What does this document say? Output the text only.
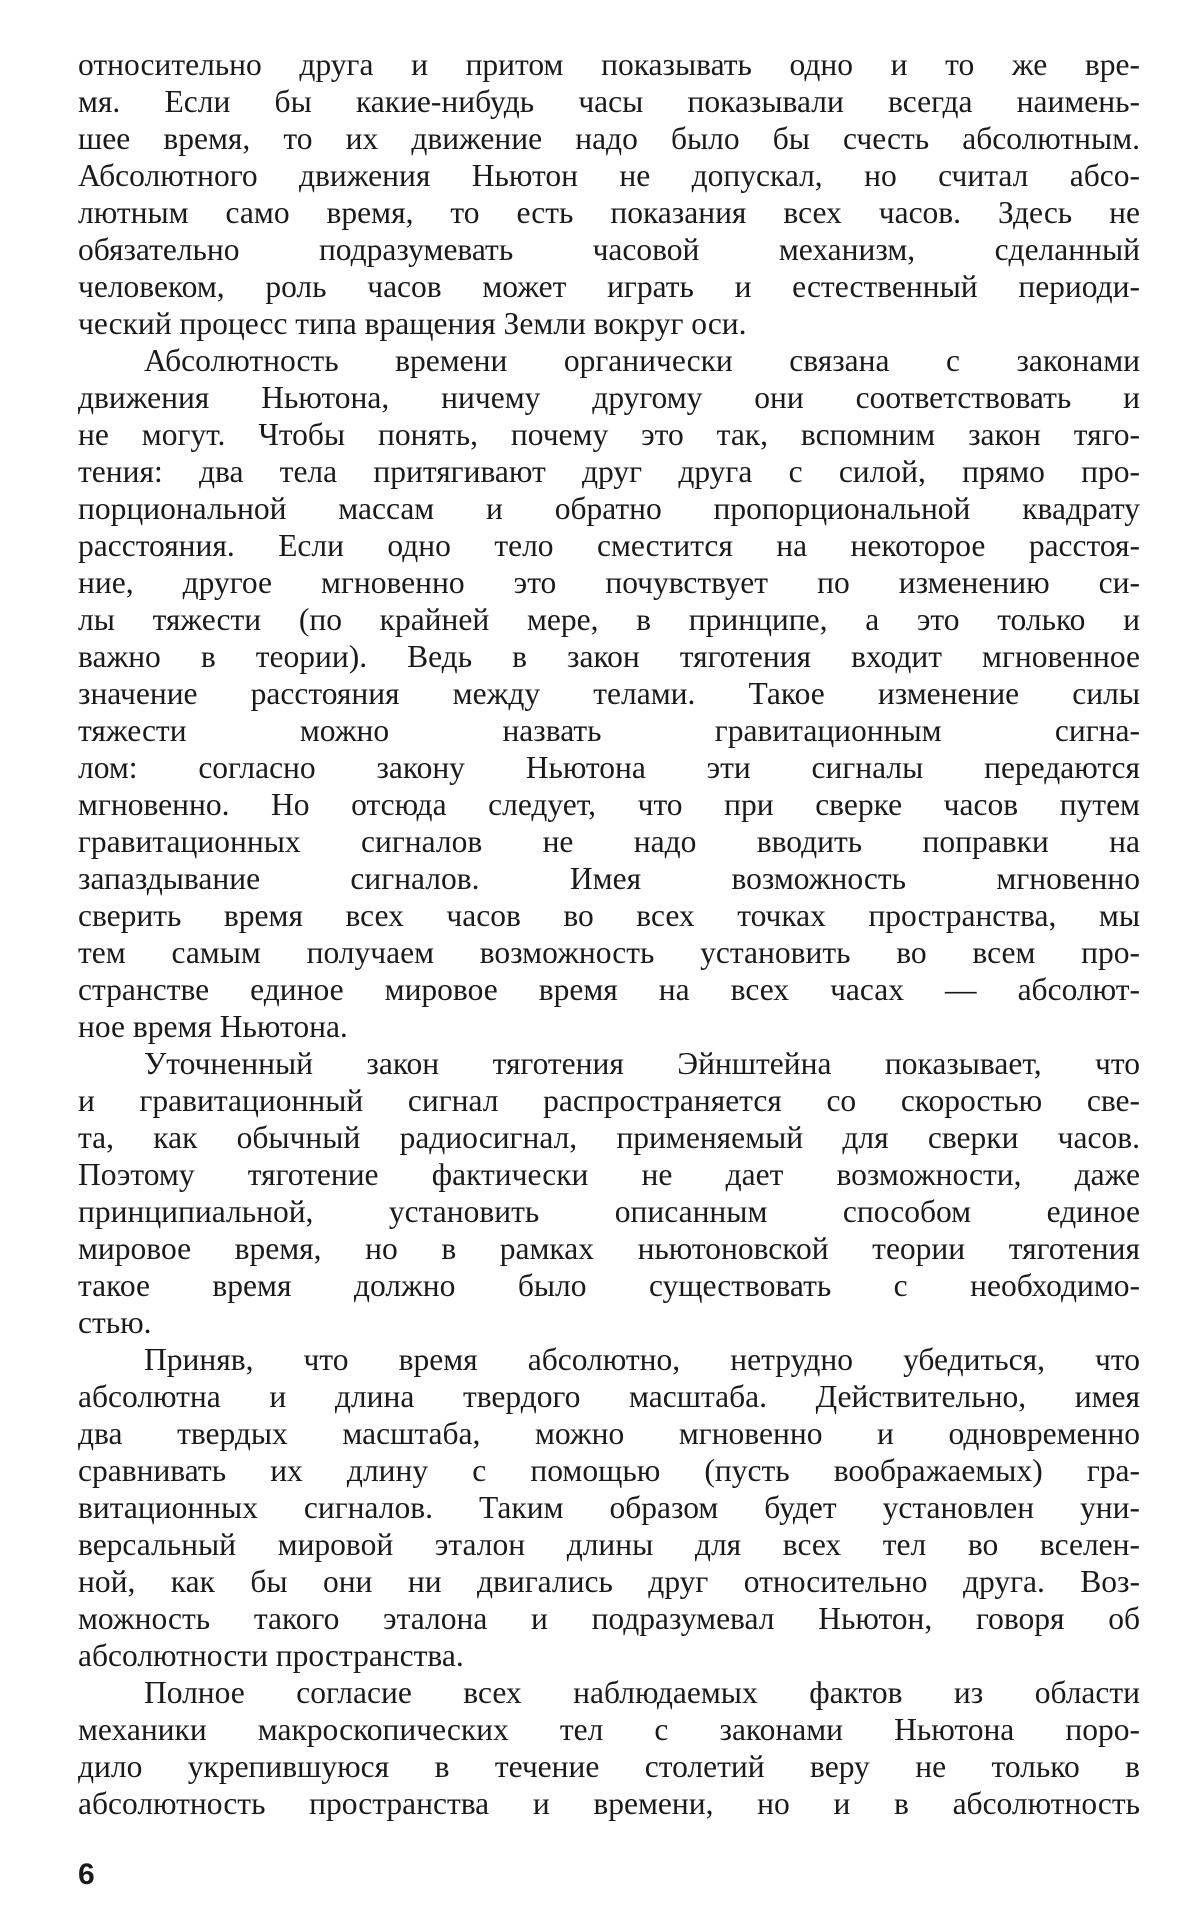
относительно друга и притом показывать одно и то же вре-
мя. Если бы какие-нибудь часы показывали всегда наимень-
шее время, то их движение надо было бы счесть абсолютным.
Абсолютного движения Ньютон не допускал, но считал абсо-
лютным само время, то есть показания всех часов. Здесь не
обязательно подразумевать часовой механизм, сделанный
человеком, роль часов может играть и естественный периоди-
ческий процесс типа вращения Земли вокруг оси.
Абсолютность времени органически связана с законами
движения Ньютона, ничему другому они соответствовать и
не могут. Чтобы понять, почему это так, вспомним закон тяго-
тения: два тела притягивают друг друга с силой, прямо про-
порциональной массам и обратно пропорциональной квадрату
расстояния. Если одно тело сместится на некоторое расстоя-
ние, другое мгновенно это почувствует по изменению си-
лы тяжести (по крайней мере, в принципе, а это только и
важно в теории). Ведь в закон тяготения входит мгновенное
значение расстояния между телами. Такое изменение силы
тяжести можно назвать гравитационным сигна-
лом: согласно закону Ньютона эти сигналы передаются
мгновенно. Но отсюда следует, что при сверке часов путем
гравитационных сигналов не надо вводить поправки на
запаздывание сигналов. Имея возможность мгновенно
сверить время всех часов во всех точках пространства, мы
тем самым получаем возможность установить во всем про-
странстве единое мировое время на всех часах — абсолют-
ное время Ньютона.
Уточненный закон тяготения Эйнштейна показывает, что
и гравитационный сигнал распространяется со скоростью све-
та, как обычный радиосигнал, применяемый для сверки часов.
Поэтому тяготение фактически не дает возможности, даже
принципиальной, установить описанным способом единое
мировое время, но в рамках ньютоновской теории тяготения
такое время должно было существовать с необходимо-
стью.
Приняв, что время абсолютно, нетрудно убедиться, что
абсолютна и длина твердого масштаба. Действительно, имея
два твердых масштаба, можно мгновенно и одновременно
сравнивать их длину с помощью (пусть воображаемых) гра-
витационных сигналов. Таким образом будет установлен уни-
версальный мировой эталон длины для всех тел во вселен-
ной, как бы они ни двигались друг относительно друга. Воз-
можность такого эталона и подразумевал Ньютон, говоря об
абсолютности пространства.
Полное согласие всех наблюдаемых фактов из области
механики макроскопических тел с законами Ньютона поро-
дило укрепившуюся в течение столетий веру не только в
абсолютность пространства и времени, но и в абсолютность
6
